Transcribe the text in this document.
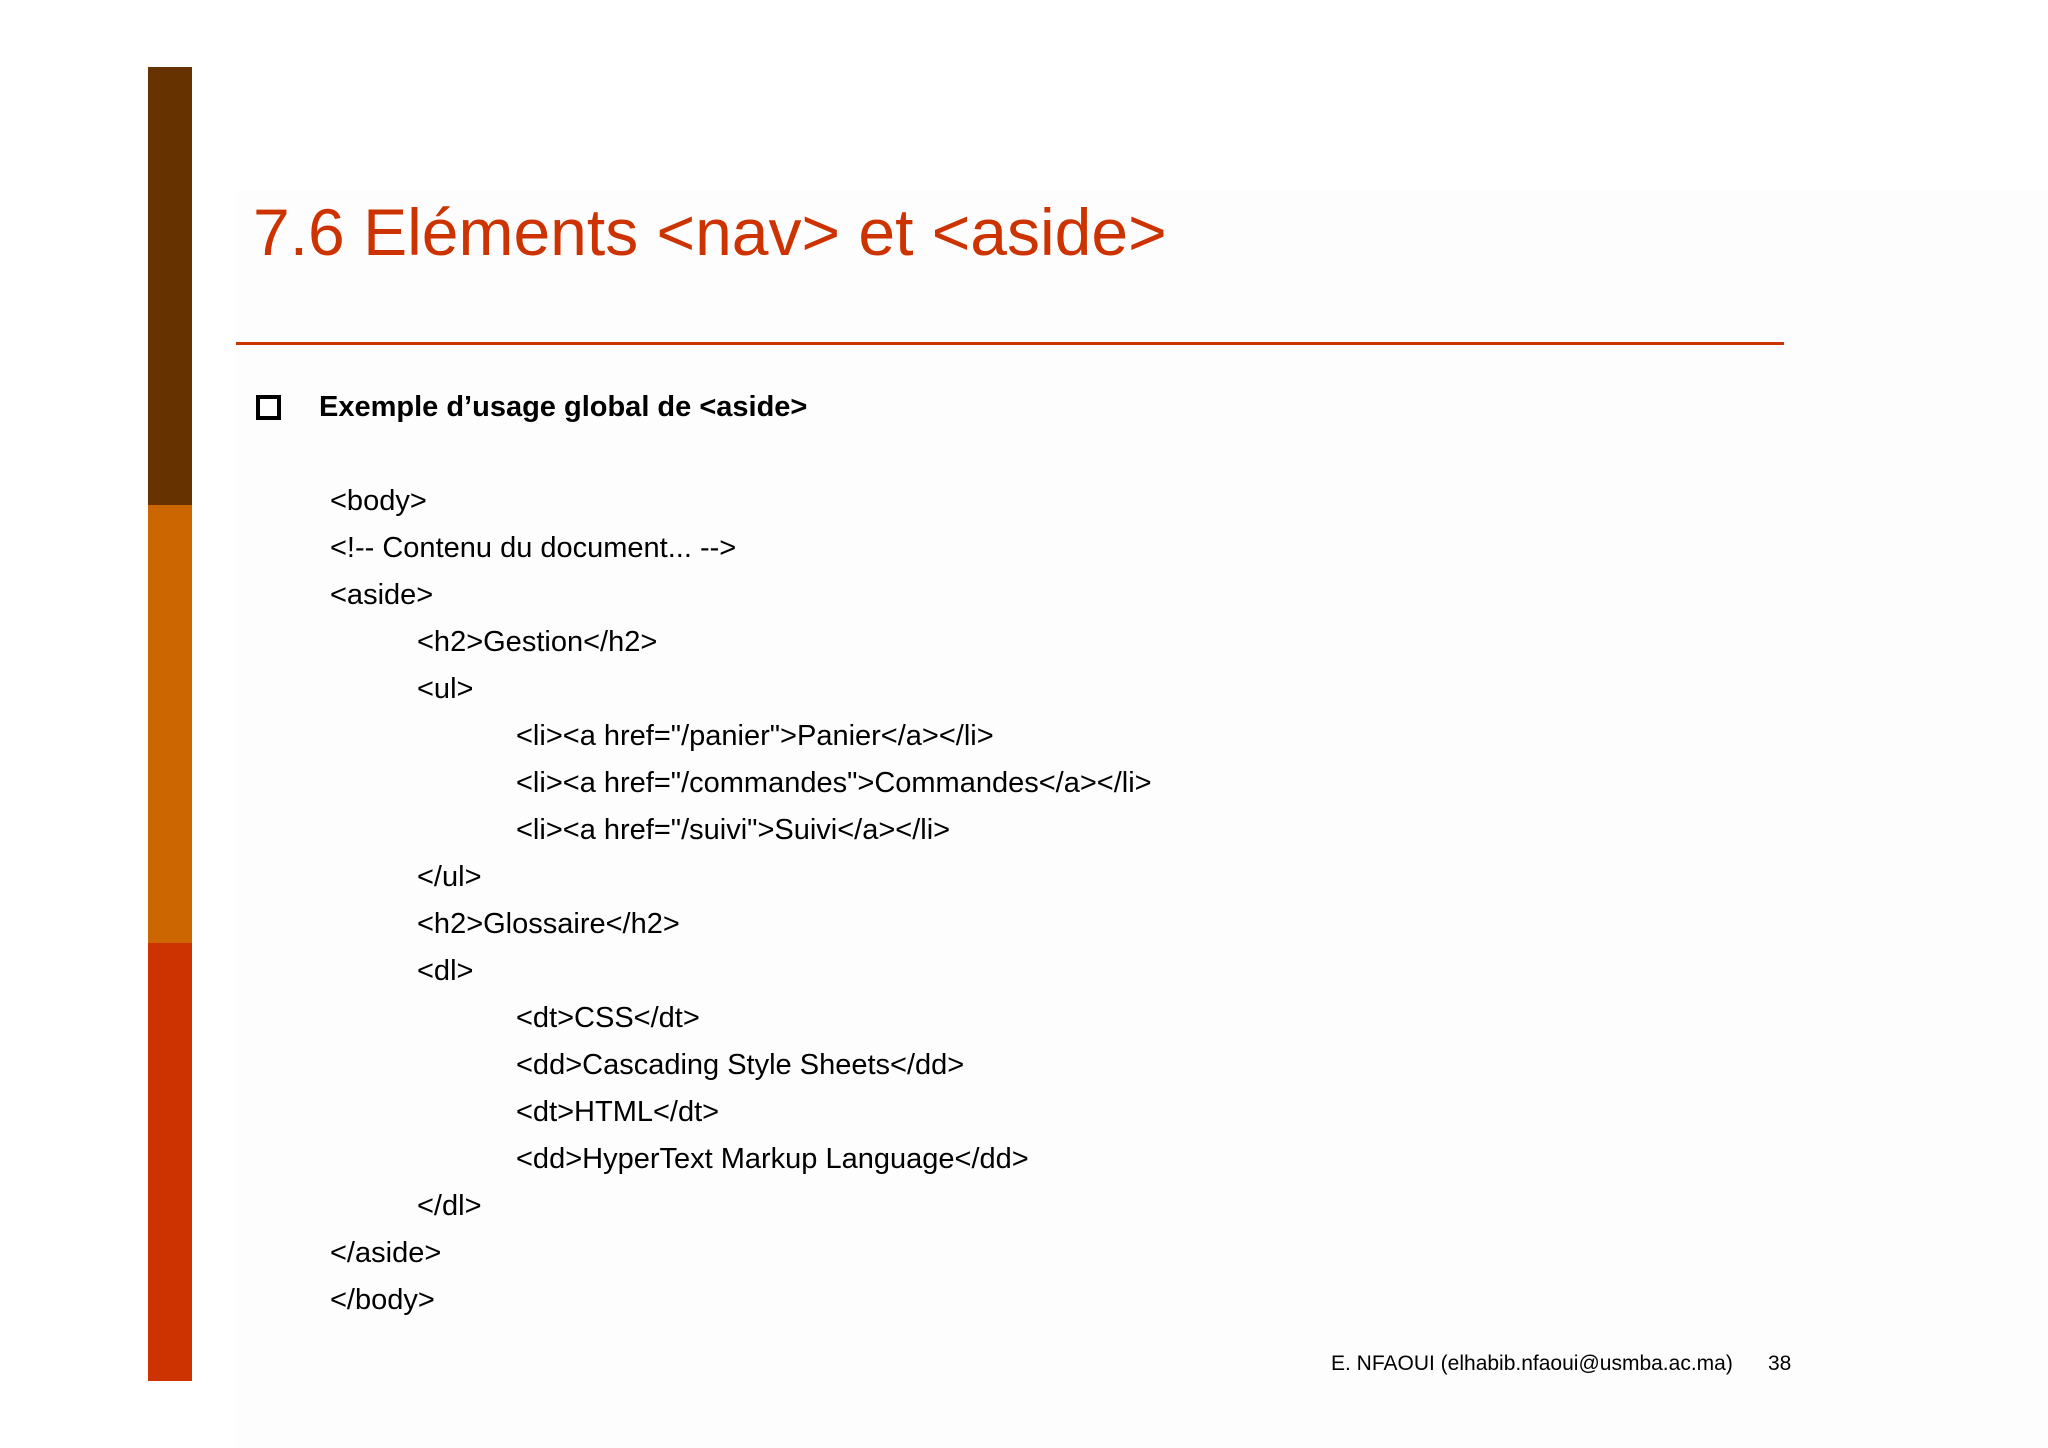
7.6 Eléments <nav> et <aside>
Exemple d’usage global de <aside>
<body>
<!-- Contenu du document... -->
<aside>
<h2>Gestion</h2>
<ul>
<li><a href="/panier">Panier</a></li>
<li><a href="/commandes">Commandes</a></li>
<li><a href="/suivi">Suivi</a></li>
</ul>
<h2>Glossaire</h2>
<dl>
<dt>CSS</dt>
<dd>Cascading Style Sheets</dd>
<dt>HTML</dt>
<dd>HyperText Markup Language</dd>
</dl>
</aside>
</body>
E. NFAOUI (elhabib.nfaoui@usmba.ac.ma) 38
